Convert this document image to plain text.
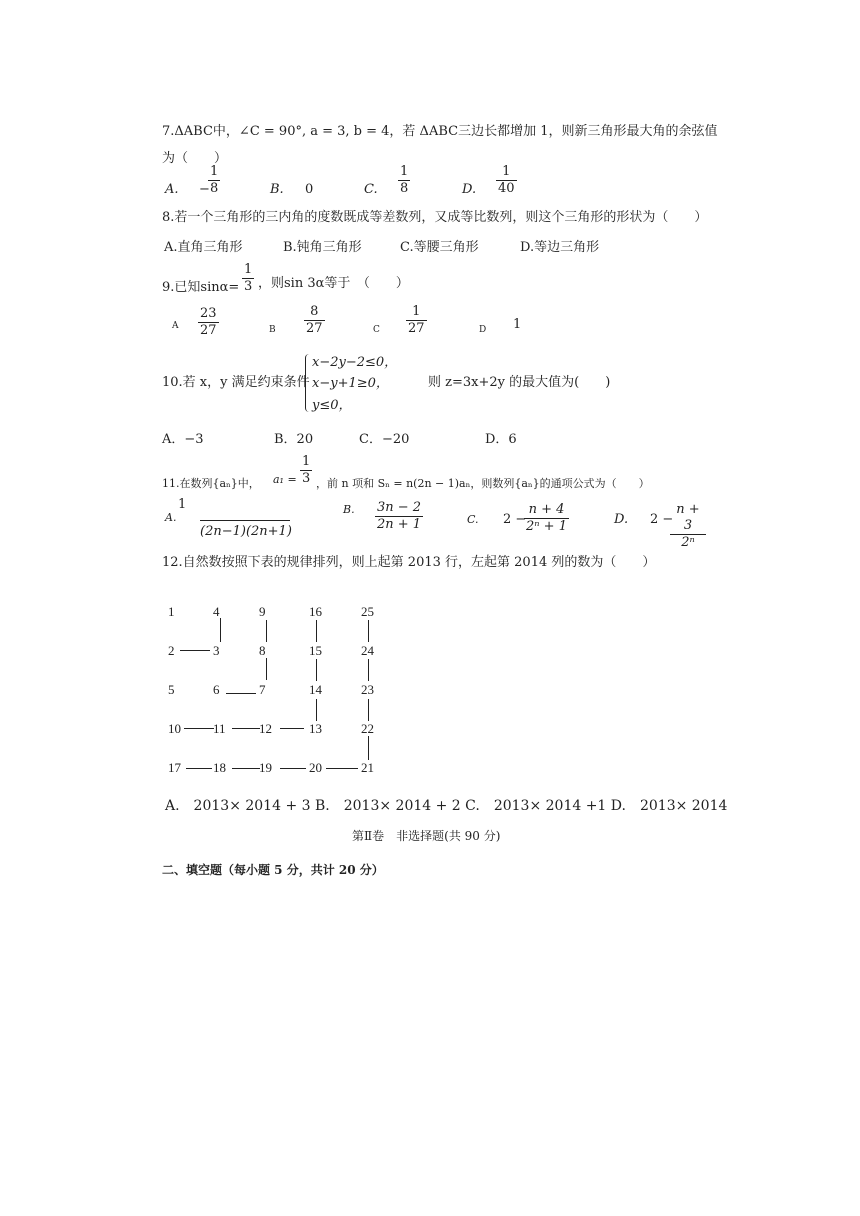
7.ΔABC中，∠C = 90°, a = 3, b = 4，若 ΔABC三边长都增加 1，则新三角形最大角的余弦值
为（　　）
A. −
1
8	B. 0	C.
1
8	D.
1
40
8.若一个三角形的三内角的度数既成等差数列，又成等比数列，则这个三角形的形状为（　　）
A.直角三角形	B.钝角三角形	C.等腰三角形	D.等边三角形
9.已知sinα=
1
3 ，则sin 3α等于　（　　）
A
23
27	B
8
27	C
1
27	D 1
10.若 x，y 满足约束条件
x−2y−2≤0，
x−y+1≥0，
y≤0，
则 z=3x+2y 的最大值为(　　)
A．−3	B．20	C．−20	D．6
11.在数列{aₙ}中， a₁ =
1
3 ，前 n 项和 Sₙ = n(2n − 1)aₙ，则数列{aₙ}的通项公式为（　　）
A.
1
(2n−1)(2n+1)
B. 3n − 2
2n + 1	C. 2 −
n + 4
2ⁿ + 1	D. 2 −
n + 3
2ⁿ
12.自然数按照下表的规律排列，则上起第 2013 行，左起第 2014 列的数为（　　）
1	4	9	16	25
2	3	8	15	24
5	6	7	14	23
10 11	12	13	22
17 18	19	20	21
A.　2013× 2014 + 3 B.　2013× 2014 + 2 C.　2013× 2014 +1 D.　2013× 2014
第Ⅱ卷　非选择题(共 90 分)
二、填空题（每小题 5 分，共计 20 分）
